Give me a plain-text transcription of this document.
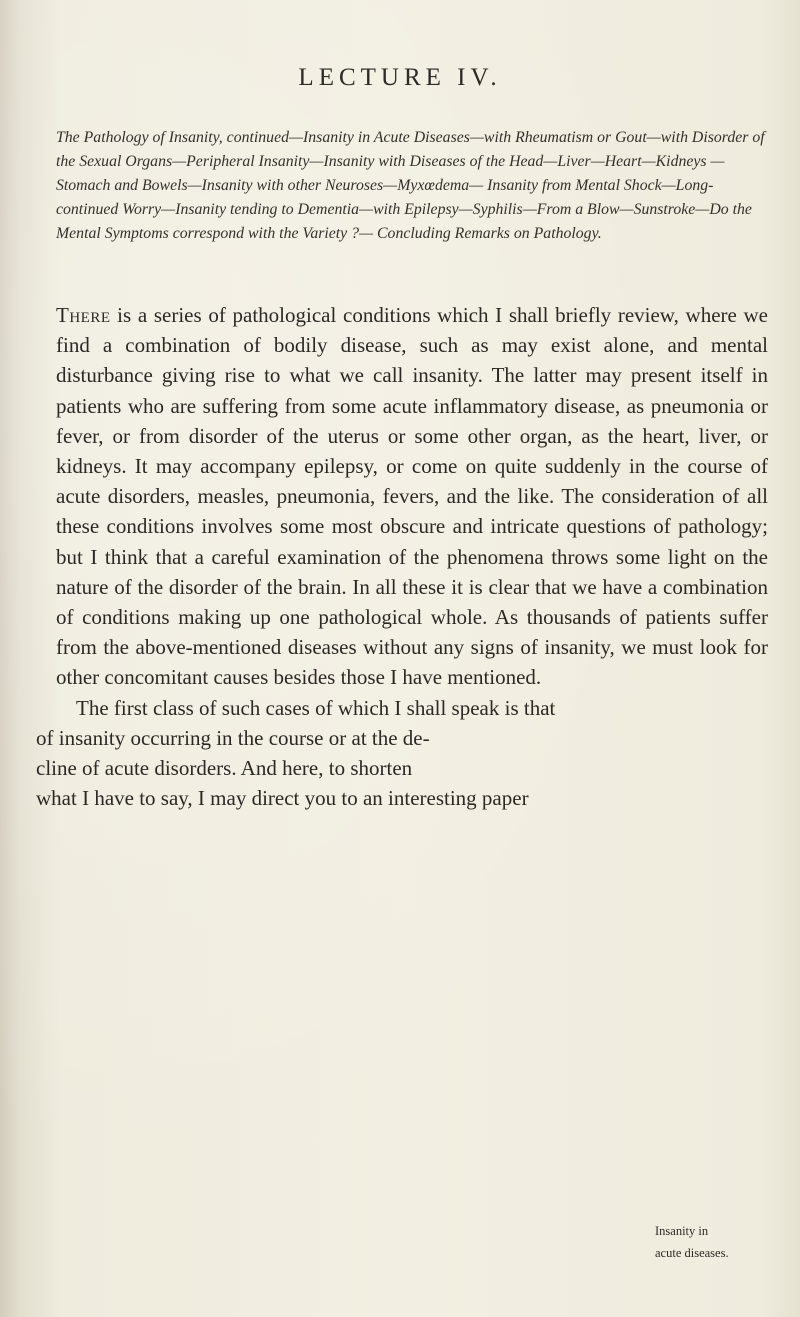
LECTURE IV.

The Pathology of Insanity, continued—Insanity in Acute Diseases—with Rheumatism or Gout—with Disorder of the Sexual Organs—Peripheral Insanity—Insanity with Diseases of the Head—Liver—Heart—Kidneys —Stomach and Bowels—Insanity with other Neuroses—Myxœdema— Insanity from Mental Shock—Long-continued Worry—Insanity tending to Dementia—with Epilepsy—Syphilis—From a Blow—Sunstroke—Do the Mental Symptoms correspond with the Variety ?— Concluding Remarks on Pathology.

There is a series of pathological conditions which I shall briefly review, where we find a combination of bodily disease, such as may exist alone, and mental disturbance giving rise to what we call insanity. The latter may present itself in patients who are suffering from some acute inflammatory disease, as pneumonia or fever, or from disorder of the uterus or some other organ, as the heart, liver, or kidneys. It may accompany epilepsy, or come on quite suddenly in the course of acute disorders, measles, pneumonia, fevers, and the like. The consideration of all these conditions involves some most obscure and intricate questions of pathology; but I think that a careful examination of the phenomena throws some light on the nature of the disorder of the brain. In all these it is clear that we have a combination of conditions making up one pathological whole. As thousands of patients suffer from the above-mentioned diseases without any signs of insanity, we must look for other concomitant causes besides those I have mentioned.

The first class of such cases of which I shall speak is that
of insanity occurring in the course or at the de-
cline of acute disorders. And here, to shorten
what I have to say, I may direct you to an interesting paper

Insanity in
acute diseases.
